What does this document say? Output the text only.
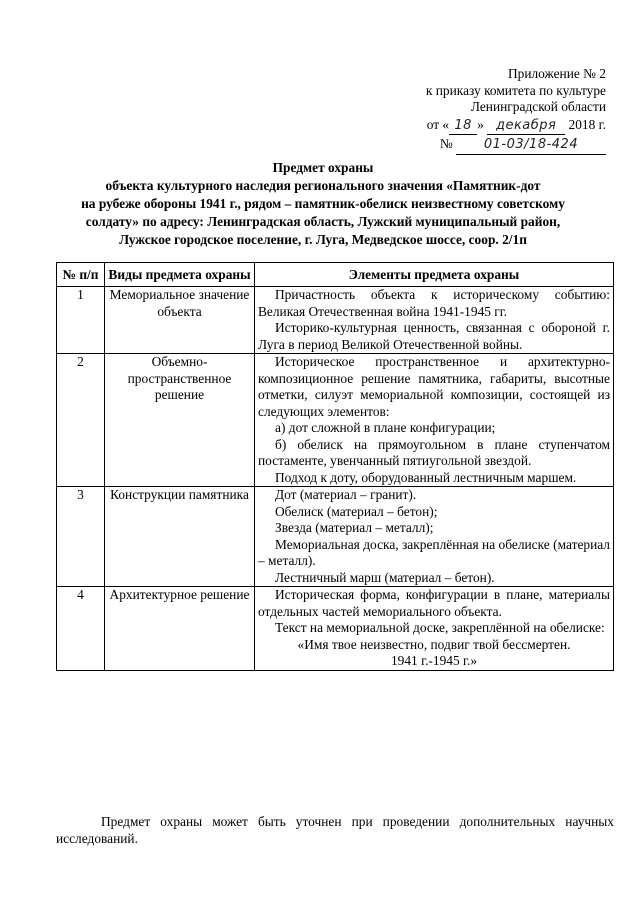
Приложение № 2
к приказу комитета по культуре
Ленинградской области
от « 18 » декабря 2018 г.
№ 01-03/18-424
Предмет охраны
объекта культурного наследия регионального значения «Памятник-дот
на рубеже обороны 1941 г., рядом – памятник-обелиск неизвестному советскому
солдату» по адресу: Ленинградская область, Лужский муниципальный район,
Лужское городское поселение, г. Луга, Медведское шоссе, соор. 2/1п
№ п/п	Виды предмета охраны	Элементы предмета охраны
1	Мемориальное значение объекта	Причастность объекта к историческому событию: Великая Отечественная война 1941-1945 гг.

Историко-культурная ценность, связанная с обороной г. Луга в период Великой Отечественной войны.

2	Объемно-пространственное решение	Историческое пространственное и архитектурно-композиционное решение памятника, габариты, высотные отметки, силуэт мемориальной композиции, состоящей из следующих элементов:

а) дот сложной в плане конфигурации;

б) обелиск на прямоугольном в плане ступенчатом постаменте, увенчанный пятиугольной звездой.

Подход к доту, оборудованный лестничным маршем.

3	Конструкции памятника	Дот (материал – гранит).

Обелиск (материал – бетон);

Звезда (материал – металл);

Мемориальная доска, закреплённая на обелиске (материал – металл).

Лестничный марш (материал – бетон).

4	Архитектурное решение	Историческая форма, конфигурации в плане, материалы отдельных частей мемориального объекта.

Текст на мемориальной доске, закреплённой на обелиске:

«Имя твое неизвестно, подвиг твой бессмертен.

1941 г.-1945 г.»

Предмет охраны может быть уточнен при проведении дополнительных научных исследований.
